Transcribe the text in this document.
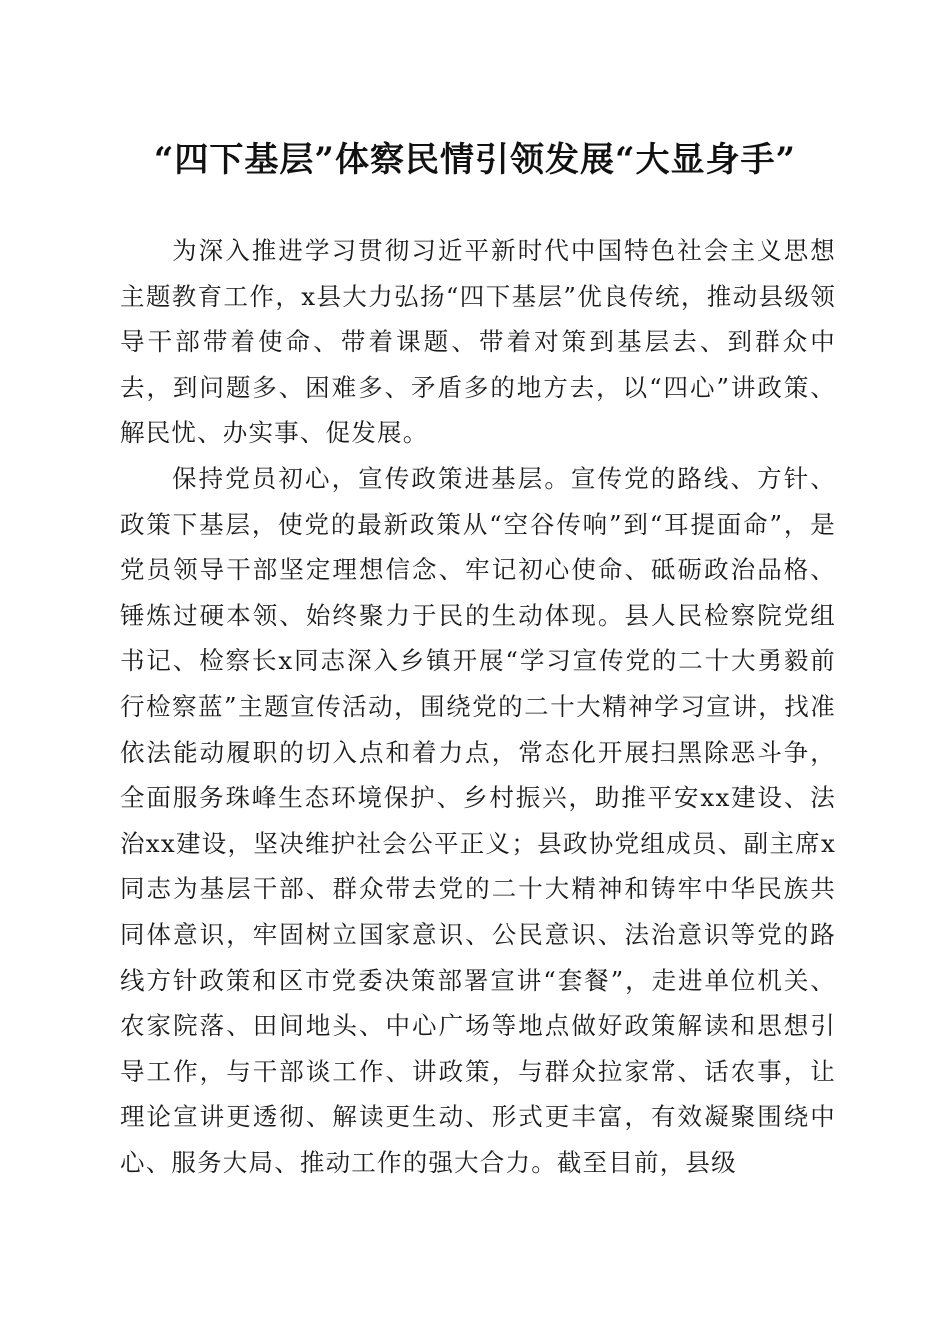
“四下基层”体察民情引领发展“大显身手”

为深入推进学习贯彻习近平新时代中国特色社会主义思想主题教育工作，x县大力弘扬“四下基层”优良传统，推动县级领导干部带着使命、带着课题、带着对策到基层去、到群众中去，到问题多、困难多、矛盾多的地方去，以“四心”讲政策、解民忧、办实事、促发展。

保持党员初心，宣传政策进基层。宣传党的路线、方针、政策下基层，使党的最新政策从“空谷传响”到“耳提面命”，是党员领导干部坚定理想信念、牢记初心使命、砥砺政治品格、锤炼过硬本领、始终聚力于民的生动体现。县人民检察院党组书记、检察长x同志深入乡镇开展“学习宣传党的二十大勇毅前行检察蓝”主题宣传活动，围绕党的二十大精神学习宣讲，找准依法能动履职的切入点和着力点，常态化开展扫黑除恶斗争，全面服务珠峰生态环境保护、乡村振兴，助推平安xx建设、法治xx建设，坚决维护社会公平正义；县政协党组成员、副主席x同志为基层干部、群众带去党的二十大精神和铸牢中华民族共同体意识，牢固树立国家意识、公民意识、法治意识等党的路线方针政策和区市党委决策部署宣讲“套餐”，走进单位机关、农家院落、田间地头、中心广场等地点做好政策解读和思想引导工作，与干部谈工作、讲政策，与群众拉家常、话农事，让理论宣讲更透彻、解读更生动、形式更丰富，有效凝聚围绕中心、服务大局、推动工作的强大合力。截至目前，县级
